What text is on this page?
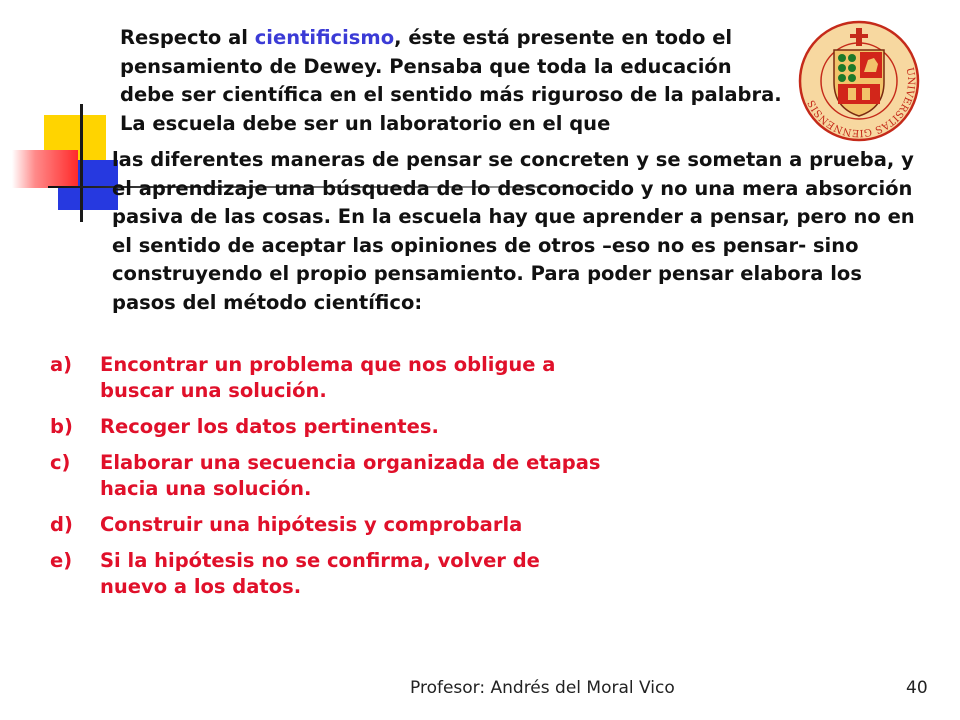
Respecto al cientificismo, éste está presente en todo el pensamiento de Dewey. Pensaba que toda la educación debe ser científica en el sentido más riguroso de la palabra. La escuela debe ser un laboratorio en el que

las diferentes maneras de pensar se concreten y se sometan a prueba, y el aprendizaje una búsqueda de lo desconocido y no una mera absorción pasiva de las cosas. En la escuela hay que aprender a pensar, pero no en el sentido de aceptar las opiniones de otros –eso no es pensar- sino construyendo el propio pensamiento. Para poder pensar elabora los pasos del método científico:

a)	Encontrar un problema que nos obligue a buscar una solución.
b)	Recoger los datos pertinentes.
c)	Elaborar una secuencia organizada de etapas hacia una solución.
d)	Construir una hipótesis y comprobarla
e)	Si la hipótesis no se confirma, volver de nuevo a los datos.
UNIVERSITAS GIENNENSIS
Profesor: Andrés del Moral Vico	40
